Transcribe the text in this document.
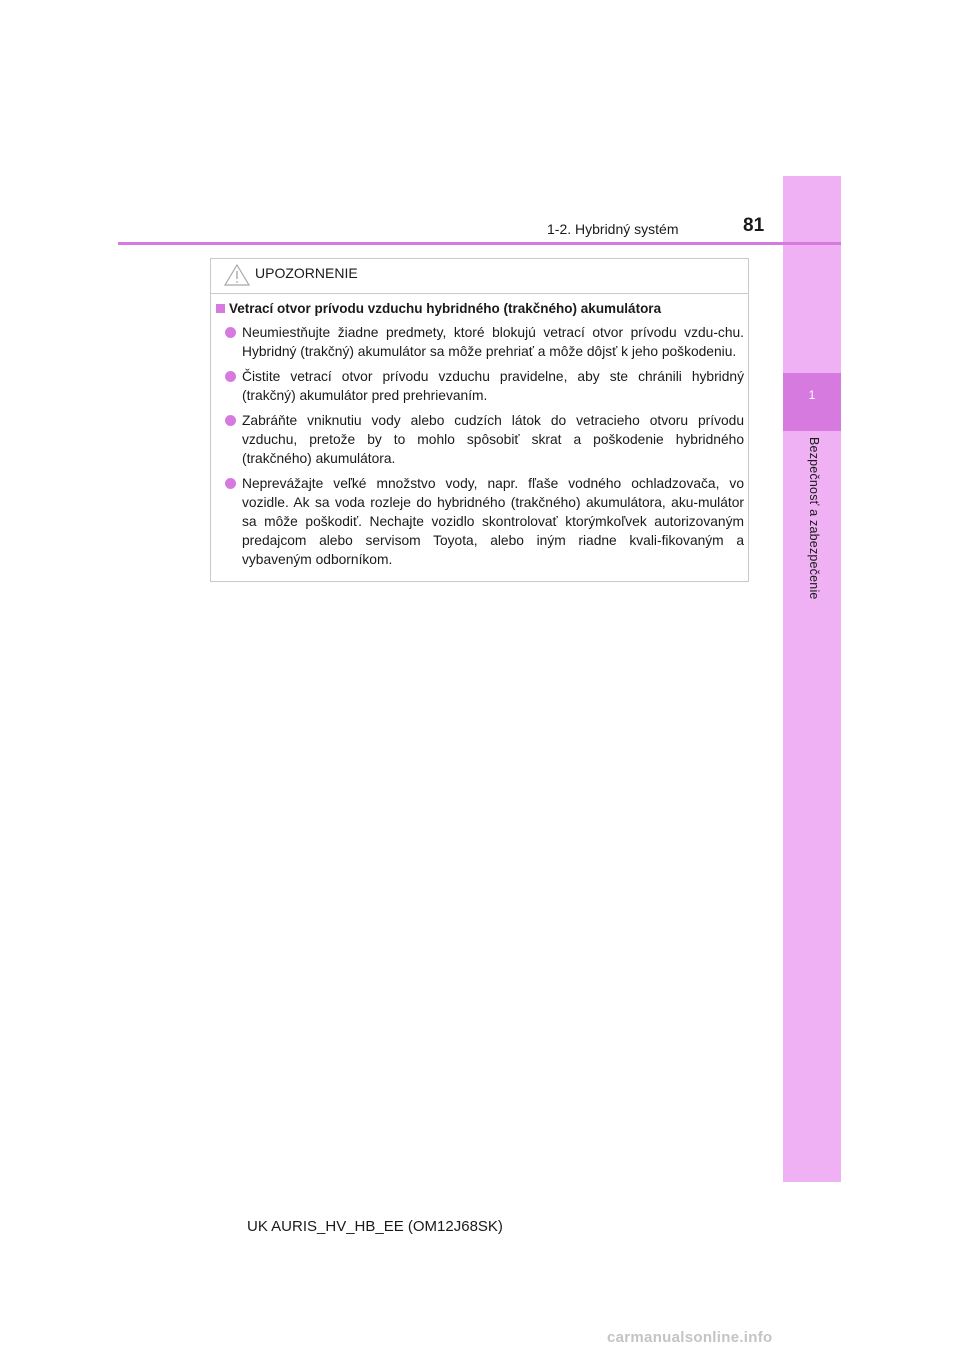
1
Bezpečnosť a zabezpečenie
1-2. Hybridný systém	81
UPOZORNENIE
Vetrací otvor prívodu vzduchu hybridného (trakčného) akumulátora
Neumiestňujte žiadne predmety, ktoré blokujú vetrací otvor prívodu vzdu-chu. Hybridný (trakčný) akumulátor sa môže prehriať a môže dôjsť k jeho poškodeniu.
Čistite vetrací otvor prívodu vzduchu pravidelne, aby ste chránili hybridný (trakčný) akumulátor pred prehrievaním.
Zabráňte vniknutiu vody alebo cudzích látok do vetracieho otvoru prívodu vzduchu, pretože by to mohlo spôsobiť skrat a poškodenie hybridného (trakčného) akumulátora.
Neprevážajte veľké množstvo vody, napr. fľaše vodného ochladzovača, vo vozidle. Ak sa voda rozleje do hybridného (trakčného) akumulátora, aku-mulátor sa môže poškodiť. Nechajte vozidlo skontrolovať ktorýmkoľvek autorizovaným predajcom alebo servisom Toyota, alebo iným riadne kvali-fikovaným a vybaveným odborníkom.
UK AURIS_HV_HB_EE (OM12J68SK)
carmanualsonline.info
